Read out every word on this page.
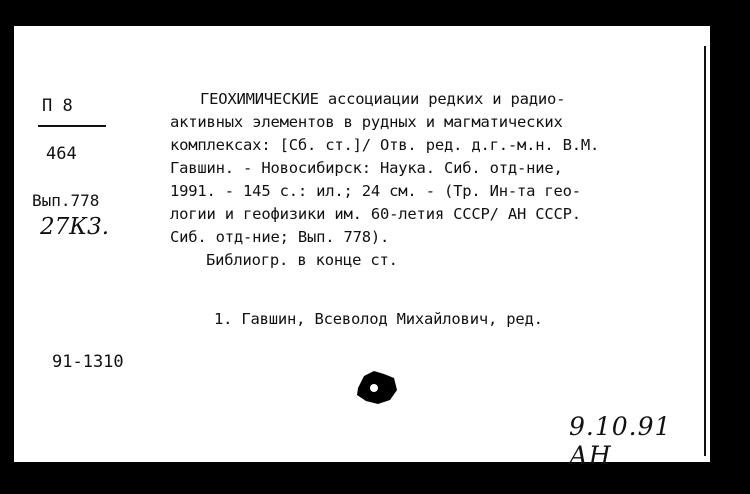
П 8
464
Вып.778
27К3.
ГЕОХИМИЧЕСКИЕ ассоциации редких и радио-
активных элементов в рудных и магматических
комплексах: [Сб. ст.]/ Отв. ред. д.г.-м.н. В.М.
Гавшин. - Новосибирск: Наука. Сиб. отд-ние,
1991. - 145 с.: ил.; 24 см. - (Тр. Ин-та гео-
логии и геофизики им. 60-летия СССР/ АН СССР.
Сиб. отд-ние; Вып. 778).
Библиогр. в конце ст.
1. Гавшин, Всеволод Михайлович, ред.
91-1310
9.10.91 АН
